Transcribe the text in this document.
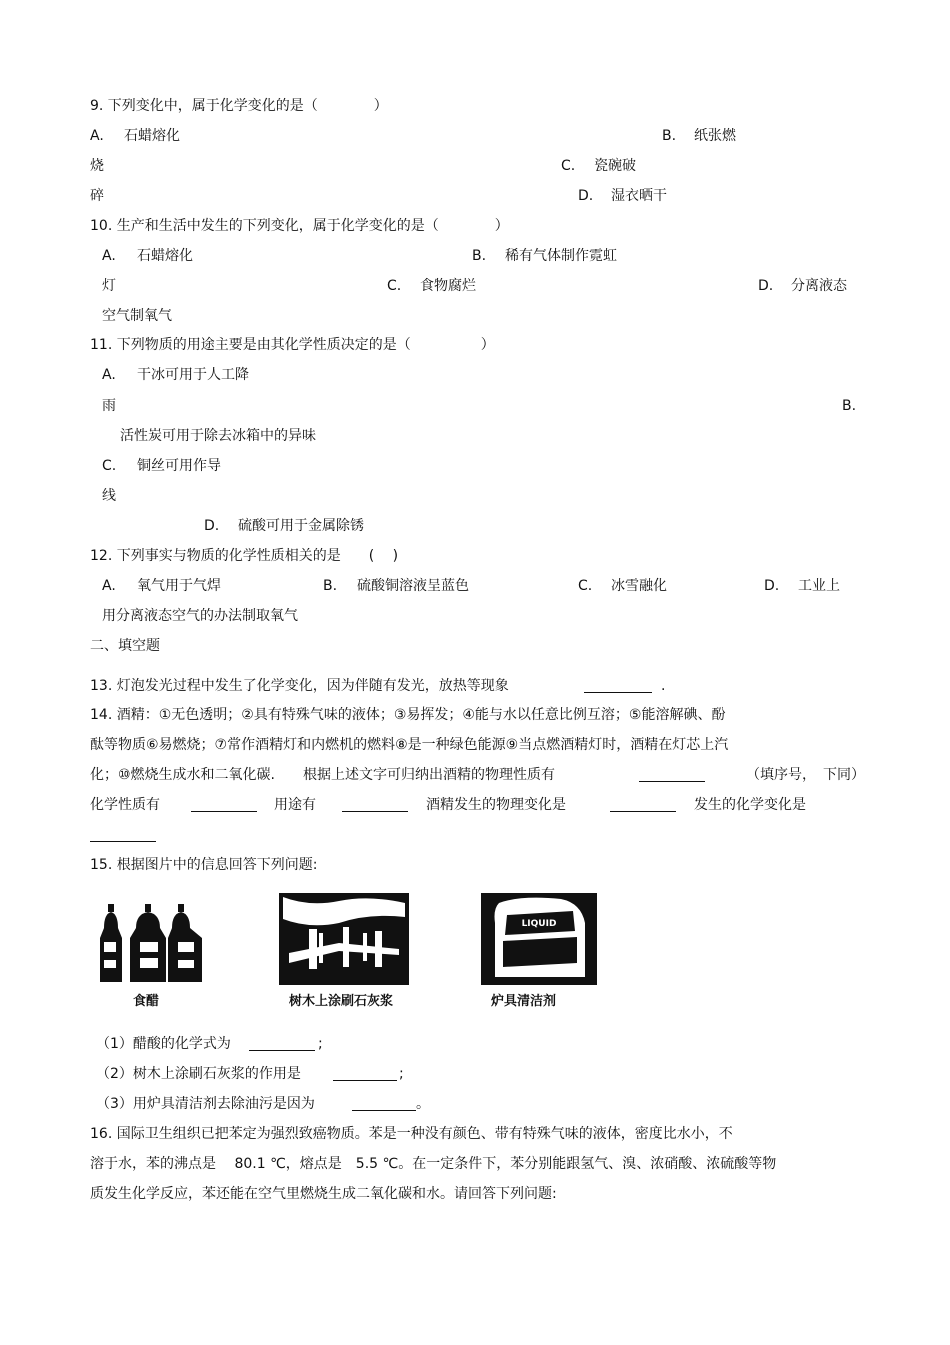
9. 下列变化中，属于化学变化的是（　　　　）
A. 石蜡熔化	B. 纸张燃
烧	C. 瓷碗破
碎	D. 湿衣晒干
10. 生产和生活中发生的下列变化，属于化学变化的是（　　　　）
A. 石蜡熔化	B. 稀有气体制作霓虹
灯	C. 食物腐烂	D. 分离液态
空气制氧气
11. 下列物质的用途主要是由其化学性质决定的是（　　　　　）
A. 干冰可用于人工降
雨	B.
活性炭可用于除去冰箱中的异味
C. 铜丝可用作导
线
D. 硫酸可用于金属除锈
12. 下列事实与物质的化学性质相关的是　　(　 )
A. 氧气用于气焊	B. 硫酸铜溶液呈蓝色	C. 冰雪融化	D. 工业上
用分离液态空气的办法制取氧气
二、填空题
13. 灯泡发光过程中发生了化学变化，因为伴随有发光，放热等现象	.
14. 酒精：①无色透明；②具有特殊气味的液体；③易挥发；④能与水以任意比例互溶；⑤能溶解碘、酚
酞等物质⑥易燃烧；⑦常作酒精灯和内燃机的燃料⑧是一种绿色能源⑨当点燃酒精灯时，酒精在灯芯上汽
化；⑩燃烧生成水和二氧化碳.　　根据上述文字可归纳出酒精的物理性质有	（填序号，　下同）
化学性质有	用途有	酒精发生的物理变化是	发生的化学变化是
15. 根据图片中的信息回答下列问题:
LIQUID
食醋	树木上涂刷石灰浆	炉具清洁剂
（1）醋酸的化学式为	;
（2）树木上涂刷石灰浆的作用是	;
（3）用炉具清洁剂去除油污是因为	。
16. 国际卫生组织已把苯定为强烈致癌物质。苯是一种没有颜色、带有特殊气味的液体，密度比水小，不
溶于水，苯的沸点是　 80.1 ℃，熔点是　5.5 ℃。在一定条件下，苯分别能跟氢气、溴、浓硝酸、浓硫酸等物
质发生化学反应，苯还能在空气里燃烧生成二氧化碳和水。请回答下列问题:
